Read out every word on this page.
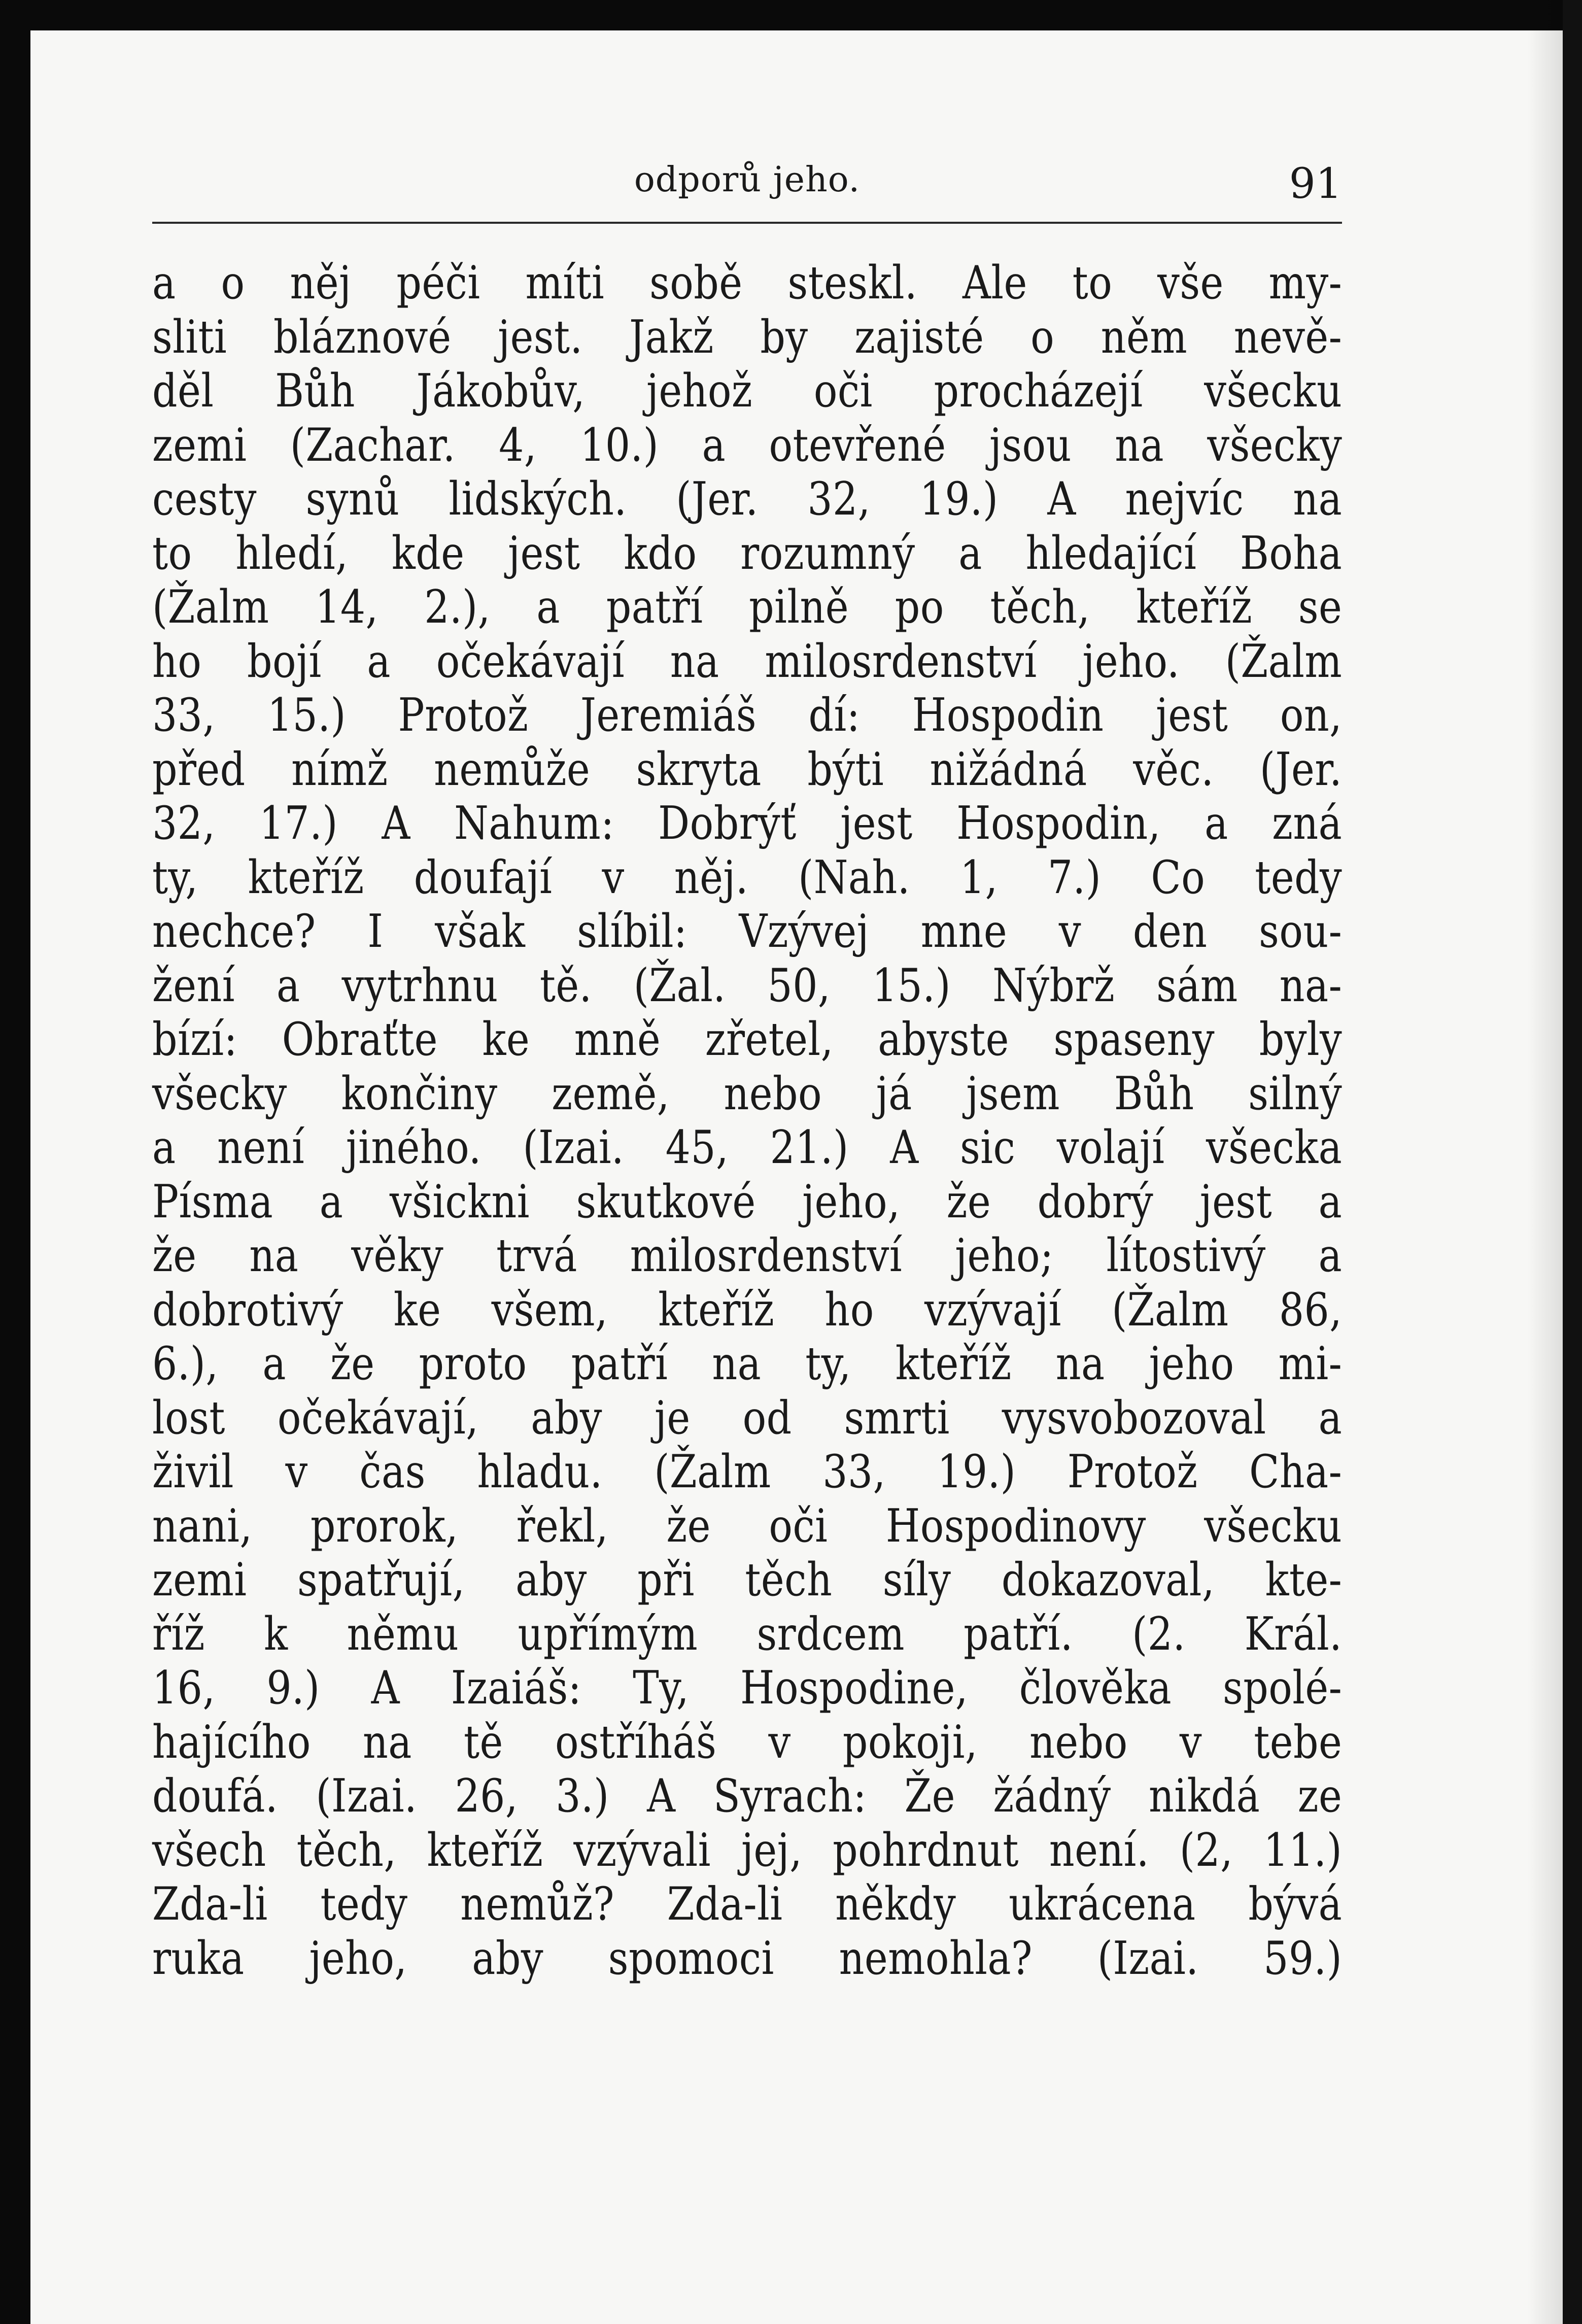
odporů jeho.	91
a o něj péči míti sobě steskl. Ale to vše my-
sliti bláznové jest. Jakž by zajisté o něm nevě-
děl Bůh Jákobův, jehož oči procházejí všecku
zemi (Zachar. 4, 10.) a otevřené jsou na všecky
cesty synů lidských. (Jer. 32, 19.) A nejvíc na
to hledí, kde jest kdo rozumný a hledající Boha
(Žalm 14, 2.), a patří pilně po těch, kteříž se
ho bojí a očekávají na milosrdenství jeho. (Žalm
33, 15.) Protož Jeremiáš dí: Hospodin jest on,
před nímž nemůže skryta býti nižádná věc. (Jer.
32, 17.) A Nahum: Dobrýť jest Hospodin, a zná
ty, kteříž doufají v něj. (Nah. 1, 7.) Co tedy
nechce? I však slíbil: Vzývej mne v den sou-
žení a vytrhnu tě. (Žal. 50, 15.) Nýbrž sám na-
bízí: Obraťte ke mně zřetel, abyste spaseny byly
všecky končiny země, nebo já jsem Bůh silný
a není jiného. (Izai. 45, 21.) A sic volají všecka
Písma a všickni skutkové jeho, že dobrý jest a
že na věky trvá milosrdenství jeho; lítostivý a
dobrotivý ke všem, kteříž ho vzývají (Žalm 86,
6.), a že proto patří na ty, kteříž na jeho mi-
lost očekávají, aby je od smrti vysvobozoval a
živil v čas hladu. (Žalm 33, 19.) Protož Cha-
nani, prorok, řekl, že oči Hospodinovy všecku
zemi spatřují, aby při těch síly dokazoval, kte-
říž k němu upřímým srdcem patří. (2. Král.
16, 9.) A Izaiáš: Ty, Hospodine, člověka spolé-
hajícího na tě ostříháš v pokoji, nebo v tebe
doufá. (Izai. 26, 3.) A Syrach: Že žádný nikdá ze
všech těch, kteříž vzývali jej, pohrdnut není. (2, 11.)
Zda-li tedy nemůž? Zda-li někdy ukrácena bývá
ruka jeho, aby spomoci nemohla? (Izai. 59.)
